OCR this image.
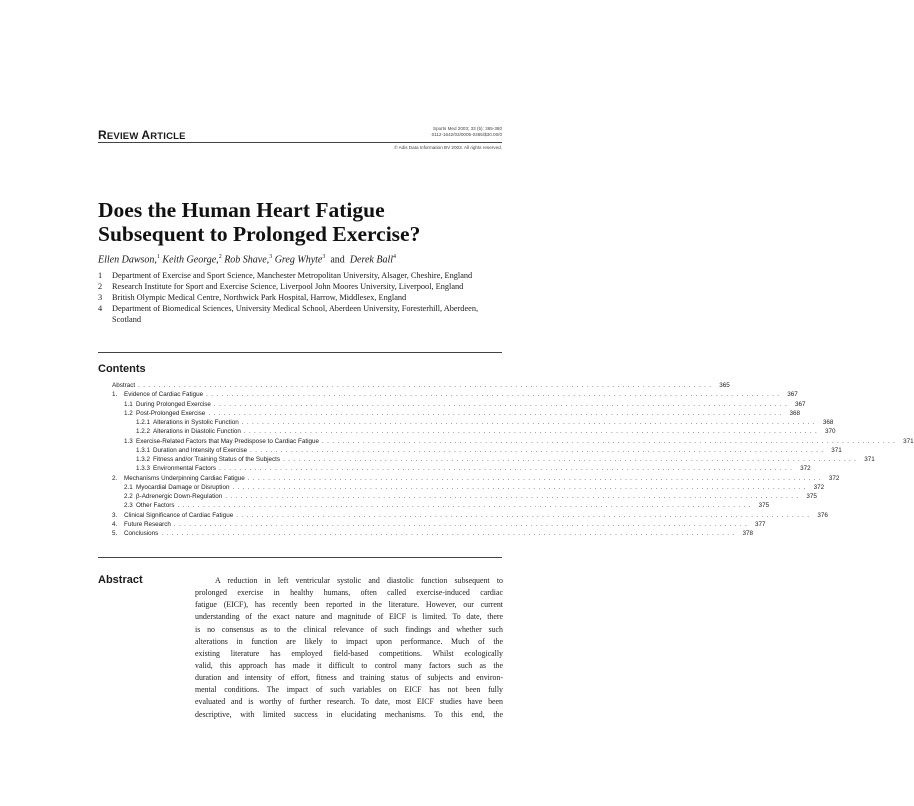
REVIEW ARTICLE
Sports Med 2003; 33 (5): 365-380
0112-1642/03/0005-0365/$30.00/0
© Adis Data Information BV 2003. All rights reserved.
Does the Human Heart Fatigue
Subsequent to Prolonged Exercise?
Ellen Dawson,$^1$ Keith George,$^2$ Rob Shave,$^3$ Greg Whyte$^3$ and Derek Ball$^4$
1	Department of Exercise and Sport Science, Manchester Metropolitan University, Alsager, Cheshire, England
2	Research Institute for Sport and Exercise Science, Liverpool John Moores University, Liverpool, England
3	British Olympic Medical Centre, Northwick Park Hospital, Harrow, Middlesex, England
4	Department of Biomedical Sciences, University Medical School, Aberdeen University, Foresterhill, Aberdeen, Scotland
Contents
Abstract . . . . . . . . . . . . . . . . . . . . . . . . . . . . . . . . . . . . . . . . . . . . . . . . . . . . . . . . . . . . . . . . . . . . . . . . . . . . . . . . . . . . . . . . . . . . . . . . . . . . . . . . . . . . . . . . .	365
1.	Evidence of Cardiac Fatigue . . . . . . . . . . . . . . . . . . . . . . . . . . . . . . . . . . . . . . . . . . . . . . . . . . . . . . . . . . . . . . . . . . . . . . . . . . . . . . . . . . . . . . . . . . . . . . . . . . . . . . . . . . . . . . . . .	367
1.1 During Prolonged Exercise . . . . . . . . . . . . . . . . . . . . . . . . . . . . . . . . . . . . . . . . . . . . . . . . . . . . . . . . . . . . . . . . . . . . . . . . . . . . . . . . . . . . . . . . . . . . . . . . . . . . . . . . . . . . . . . . .	367
1.2 Post-Prolonged Exercise . . . . . . . . . . . . . . . . . . . . . . . . . . . . . . . . . . . . . . . . . . . . . . . . . . . . . . . . . . . . . . . . . . . . . . . . . . . . . . . . . . . . . . . . . . . . . . . . . . . . . . . . . . . . . . . . .	368
1.2.1 Alterations in Systolic Function . . . . . . . . . . . . . . . . . . . . . . . . . . . . . . . . . . . . . . . . . . . . . . . . . . . . . . . . . . . . . . . . . . . . . . . . . . . . . . . . . . . . . . . . . . . . . . . . . . . . . . . . . . . . . . . . .	368
1.2.2 Alterations in Diastolic Function . . . . . . . . . . . . . . . . . . . . . . . . . . . . . . . . . . . . . . . . . . . . . . . . . . . . . . . . . . . . . . . . . . . . . . . . . . . . . . . . . . . . . . . . . . . . . . . . . . . . . . . . . . . . . . . . .	370
1.3 Exercise-Related Factors that May Predispose to Cardiac Fatigue . . . . . . . . . . . . . . . . . . . . . . . . . . . . . . . . . . . . . . . . . . . . . . . . . . . . . . . . . . . . . . . . . . . . . . . . . . . . . . . . . . . . . . . . . . . . . . . . . . . . . . . . . . . . . . . . .	371
1.3.1 Duration and Intensity of Exercise . . . . . . . . . . . . . . . . . . . . . . . . . . . . . . . . . . . . . . . . . . . . . . . . . . . . . . . . . . . . . . . . . . . . . . . . . . . . . . . . . . . . . . . . . . . . . . . . . . . . . . . . . . . . . . . . .	371
1.3.2 Fitness and/or Training Status of the Subjects . . . . . . . . . . . . . . . . . . . . . . . . . . . . . . . . . . . . . . . . . . . . . . . . . . . . . . . . . . . . . . . . . . . . . . . . . . . . . . . . . . . . . . . . . . . . . . . . . . . . . . . . . . . . . . . . .	371
1.3.3 Environmental Factors . . . . . . . . . . . . . . . . . . . . . . . . . . . . . . . . . . . . . . . . . . . . . . . . . . . . . . . . . . . . . . . . . . . . . . . . . . . . . . . . . . . . . . . . . . . . . . . . . . . . . . . . . . . . . . . . .	372
2.	Mechanisms Underpinning Cardiac Fatigue . . . . . . . . . . . . . . . . . . . . . . . . . . . . . . . . . . . . . . . . . . . . . . . . . . . . . . . . . . . . . . . . . . . . . . . . . . . . . . . . . . . . . . . . . . . . . . . . . . . . . . . . . . . . . . . . .	372
2.1 Myocardial Damage or Disruption . . . . . . . . . . . . . . . . . . . . . . . . . . . . . . . . . . . . . . . . . . . . . . . . . . . . . . . . . . . . . . . . . . . . . . . . . . . . . . . . . . . . . . . . . . . . . . . . . . . . . . . . . . . . . . . . .	372
2.2 β-Adrenergic Down-Regulation . . . . . . . . . . . . . . . . . . . . . . . . . . . . . . . . . . . . . . . . . . . . . . . . . . . . . . . . . . . . . . . . . . . . . . . . . . . . . . . . . . . . . . . . . . . . . . . . . . . . . . . . . . . . . . . . .	375
2.3 Other Factors . . . . . . . . . . . . . . . . . . . . . . . . . . . . . . . . . . . . . . . . . . . . . . . . . . . . . . . . . . . . . . . . . . . . . . . . . . . . . . . . . . . . . . . . . . . . . . . . . . . . . . . . . . . . . . . . .	375
3.	Clinical Significance of Cardiac Fatigue . . . . . . . . . . . . . . . . . . . . . . . . . . . . . . . . . . . . . . . . . . . . . . . . . . . . . . . . . . . . . . . . . . . . . . . . . . . . . . . . . . . . . . . . . . . . . . . . . . . . . . . . . . . . . . . . .	376
4.	Future Research . . . . . . . . . . . . . . . . . . . . . . . . . . . . . . . . . . . . . . . . . . . . . . . . . . . . . . . . . . . . . . . . . . . . . . . . . . . . . . . . . . . . . . . . . . . . . . . . . . . . . . . . . . . . . . . . .	377
5.	Conclusions . . . . . . . . . . . . . . . . . . . . . . . . . . . . . . . . . . . . . . . . . . . . . . . . . . . . . . . . . . . . . . . . . . . . . . . . . . . . . . . . . . . . . . . . . . . . . . . . . . . . . . . . . . . . . . . . .	378
Abstract	A reduction in left ventricular systolic and diastolic function subsequent to
prolonged exercise in healthy humans, often called exercise-induced cardiac
fatigue (EICF), has recently been reported in the literature. However, our current
understanding of the exact nature and magnitude of EICF is limited. To date, there
is no consensus as to the clinical relevance of such findings and whether such
alterations in function are likely to impact upon performance. Much of the
existing literature has employed field-based competitions. Whilst ecologically
valid, this approach has made it difficult to control many factors such as the
duration and intensity of effort, fitness and training status of subjects and environ-
mental conditions. The impact of such variables on EICF has not been fully
evaluated and is worthy of further research. To date, most EICF studies have been
descriptive, with limited success in elucidating mechanisms. To this end, the
